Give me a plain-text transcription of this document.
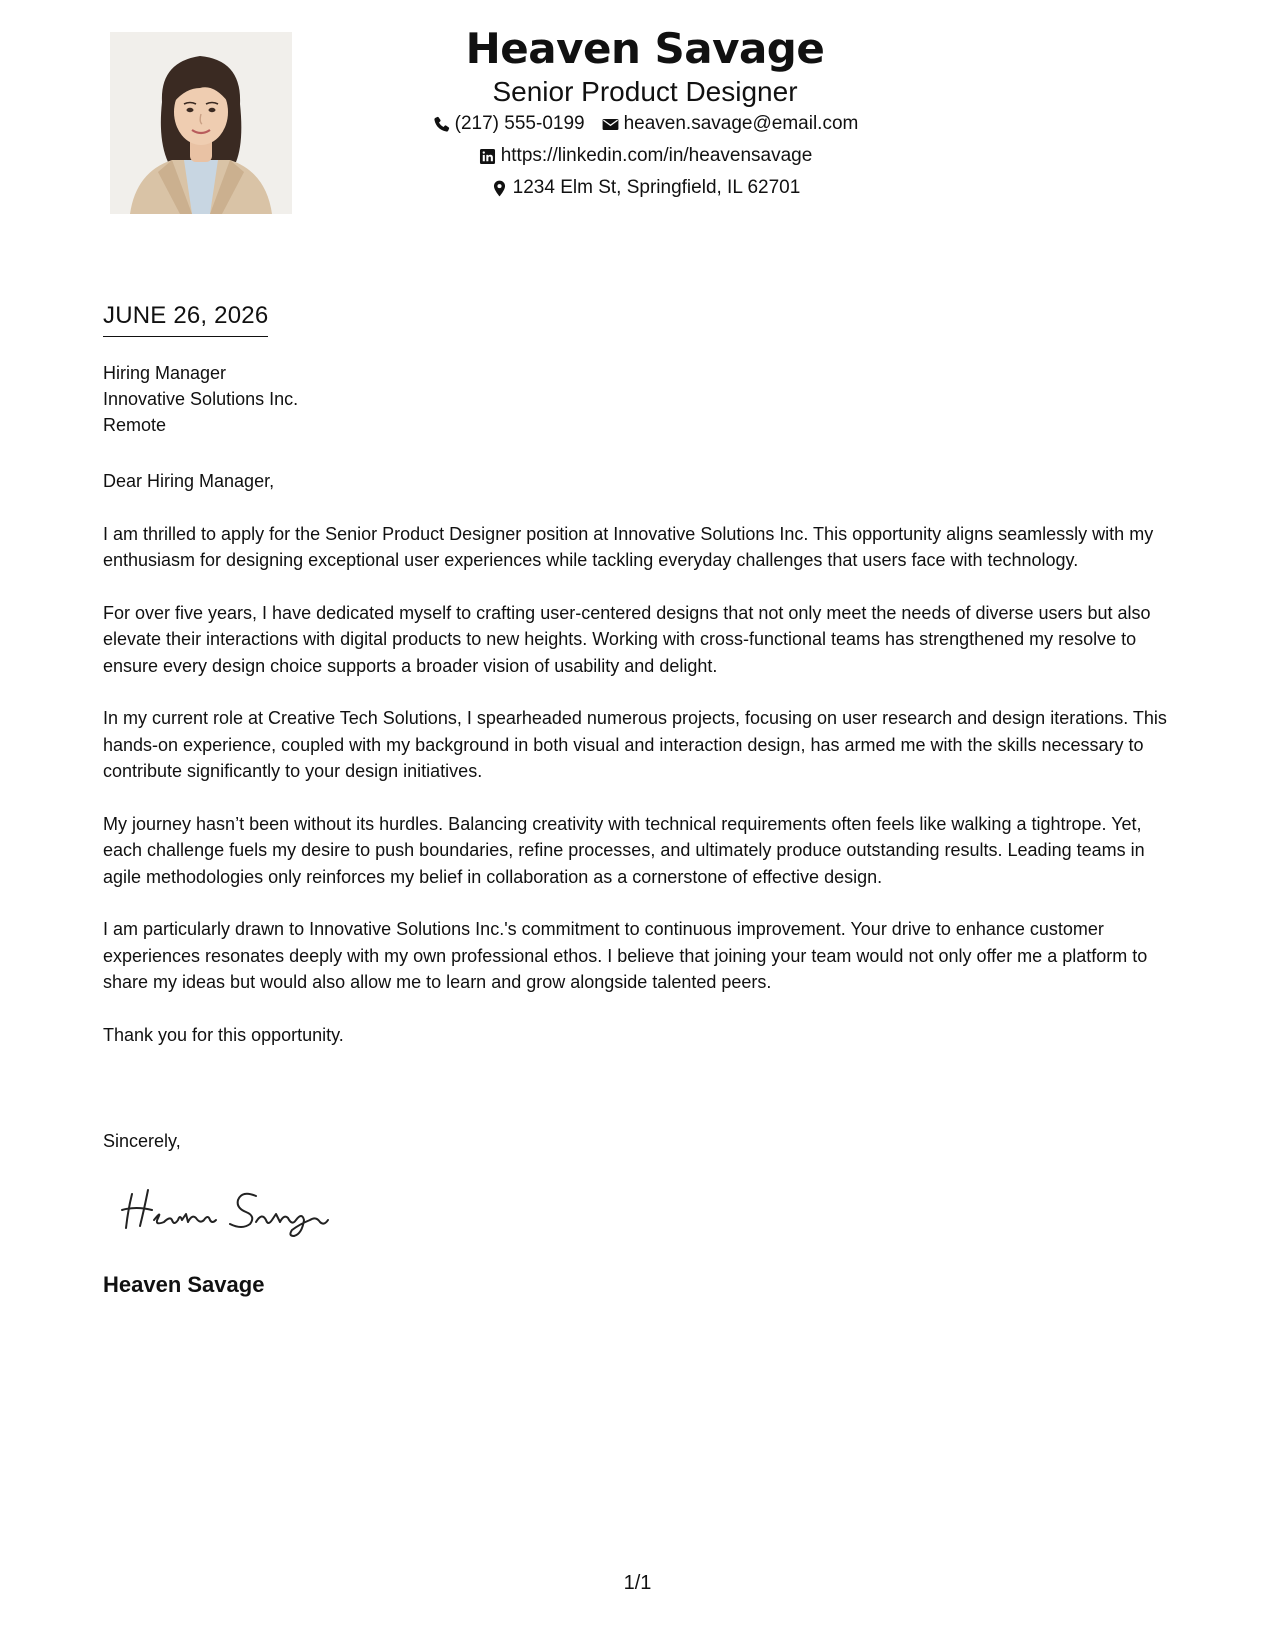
Heaven Savage
Senior Product Designer
(217) 555-0199 heaven.savage@email.com
https://linkedin.com/in/heavensavage
1234 Elm St, Springfield, IL 62701
JUNE 26, 2026
Hiring Manager
Innovative Solutions Inc.
Remote
Dear Hiring Manager,

I am thrilled to apply for the Senior Product Designer position at Innovative Solutions Inc. This opportunity aligns seamlessly with my enthusiasm for designing exceptional user experiences while tackling everyday challenges that users face with technology.

For over five years, I have dedicated myself to crafting user-centered designs that not only meet the needs of diverse users but also elevate their interactions with digital products to new heights. Working with cross-functional teams has strengthened my resolve to ensure every design choice supports a broader vision of usability and delight.

In my current role at Creative Tech Solutions, I spearheaded numerous projects, focusing on user research and design iterations. This hands-on experience, coupled with my background in both visual and interaction design, has armed me with the skills necessary to contribute significantly to your design initiatives.

My journey hasn’t been without its hurdles. Balancing creativity with technical requirements often feels like walking a tightrope. Yet, each challenge fuels my desire to push boundaries, refine processes, and ultimately produce outstanding results. Leading teams in agile methodologies only reinforces my belief in collaboration as a cornerstone of effective design.

I am particularly drawn to Innovative Solutions Inc.'s commitment to continuous improvement. Your drive to enhance customer experiences resonates deeply with my own professional ethos. I believe that joining your team would not only offer me a platform to share my ideas but would also allow me to learn and grow alongside talented peers.

Thank you for this opportunity.

Sincerely,
Heaven Savage
1/1
